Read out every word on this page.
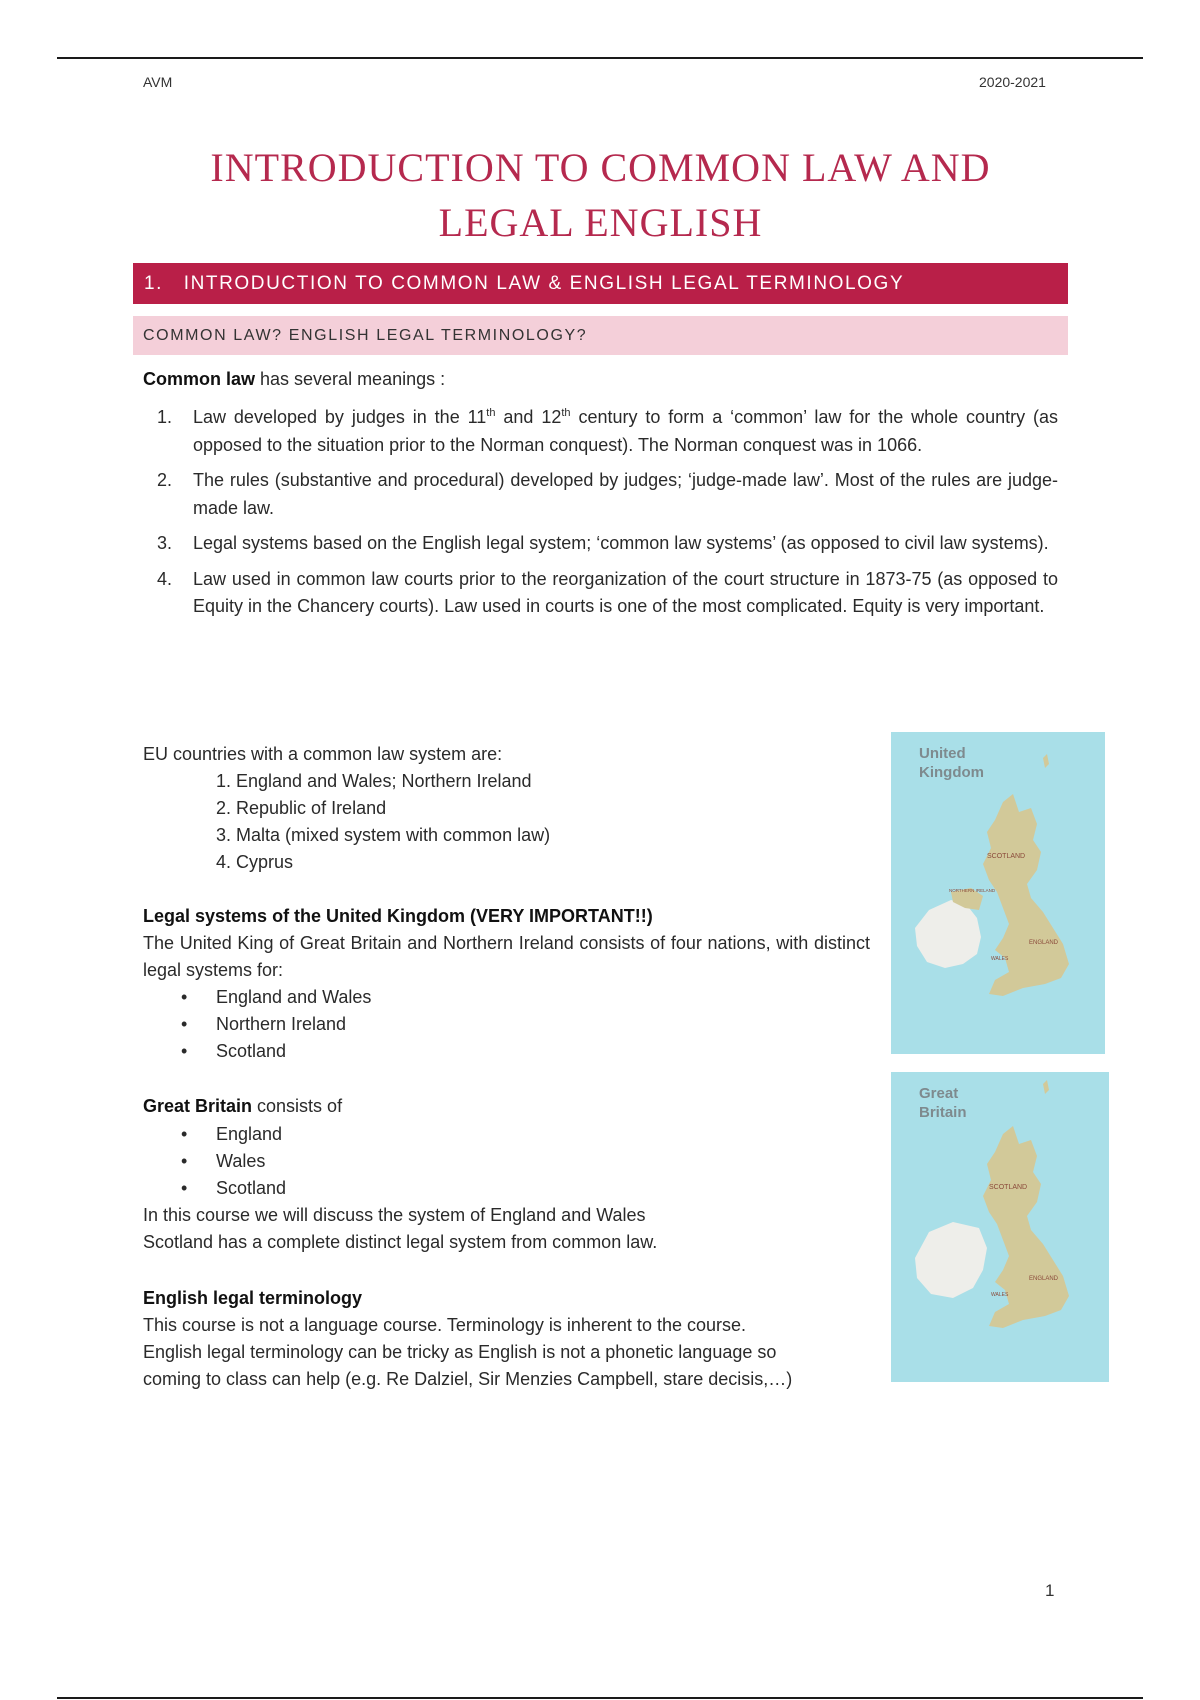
AVM	2020-2021
INTRODUCTION TO COMMON LAW AND
LEGAL ENGLISH
1. INTRODUCTION TO COMMON LAW & ENGLISH LEGAL TERMINOLOGY
COMMON LAW? ENGLISH LEGAL TERMINOLOGY?
Common law has several meanings :
1. Law developed by judges in the 11th and 12th century to form a ‘common’ law for the whole country (as opposed to the situation prior to the Norman conquest). The Norman conquest was in 1066.
2. The rules (substantive and procedural) developed by judges; ‘judge-made law’. Most of the rules are judge-made law.
3. Legal systems based on the English legal system; ‘common law systems’ (as opposed to civil law systems).
4. Law used in common law courts prior to the reorganization of the court structure in 1873-75 (as opposed to Equity in the Chancery courts). Law used in courts is one of the most complicated. Equity is very important.
EU countries with a common law system are:
1. England and Wales; Northern Ireland
2. Republic of Ireland
3. Malta (mixed system with common law)
4. Cyprus
Legal systems of the United Kingdom (VERY IMPORTANT!!)
The United King of Great Britain and Northern Ireland consists of four nations, with distinct legal systems for:
• England and Wales
• Northern Ireland
• Scotland
Great Britain consists of
• England
• Wales
• Scotland
In this course we will discuss the system of England and Wales
Scotland has a complete distinct legal system from common law.
English legal terminology
This course is not a language course. Terminology is inherent to the course.
English legal terminology can be tricky as English is not a phonetic language so
coming to class can help (e.g. Re Dalziel, Sir Menzies Campbell, stare decisis,…)
SCOTLAND
NORTHERN IRELAND
ENGLAND
WALES
United
Kingdom
SCOTLAND
ENGLAND
WALES
Great
Britain
1
